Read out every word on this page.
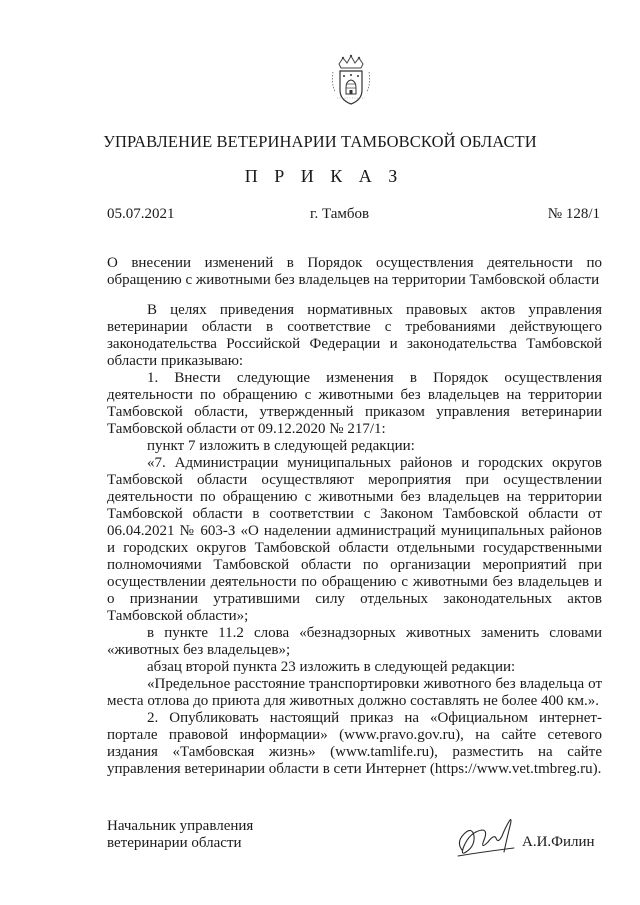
УПРАВЛЕНИЕ ВЕТЕРИНАРИИ ТАМБОВСКОЙ ОБЛАСТИ
П Р И К А З
05.07.2021	г. Тамбов	№ 128/1
О внесении изменений в Порядок осуществления деятельности по обращению с животными без владельцев на территории Тамбовской области

В целях приведения нормативных правовых актов управления ветеринарии области в соответствие с требованиями действующего законодательства Российской Федерации и законодательства Тамбовской области приказываю:

1. Внести следующие изменения в Порядок осуществления деятельности по обращению с животными без владельцев на территории Тамбовской области, утвержденный приказом управления ветеринарии Тамбовской области от 09.12.2020 № 217/1:

пункт 7 изложить в следующей редакции:

«7. Администрации муниципальных районов и городских округов Тамбовской области осуществляют мероприятия при осуществлении деятельности по обращению с животными без владельцев на территории Тамбовской области в соответствии с Законом Тамбовской области от 06.04.2021 № 603-З «О наделении администраций муниципальных районов и городских округов Тамбовской области отдельными государственными полномочиями Тамбовской области по организации мероприятий при осуществлении деятельности по обращению с животными без владельцев и о признании утратившими силу отдельных законодательных актов Тамбовской области»;

в пункте 11.2 слова «безнадзорных животных заменить словами «животных без владельцев»;

абзац второй пункта 23 изложить в следующей редакции:

«Предельное расстояние транспортировки животного без владельца от места отлова до приюта для животных должно составлять не более 400 км.».

2. Опубликовать настоящий приказ на «Официальном интернет-портале правовой информации» (www.pravo.gov.ru), на сайте сетевого издания «Тамбовская жизнь» (www.tamlife.ru), разместить на сайте управления ветеринарии области в сети Интернет (https://www.vet.tmbreg.ru).

Начальник управления
ветеринарии области	А.И.Филин
